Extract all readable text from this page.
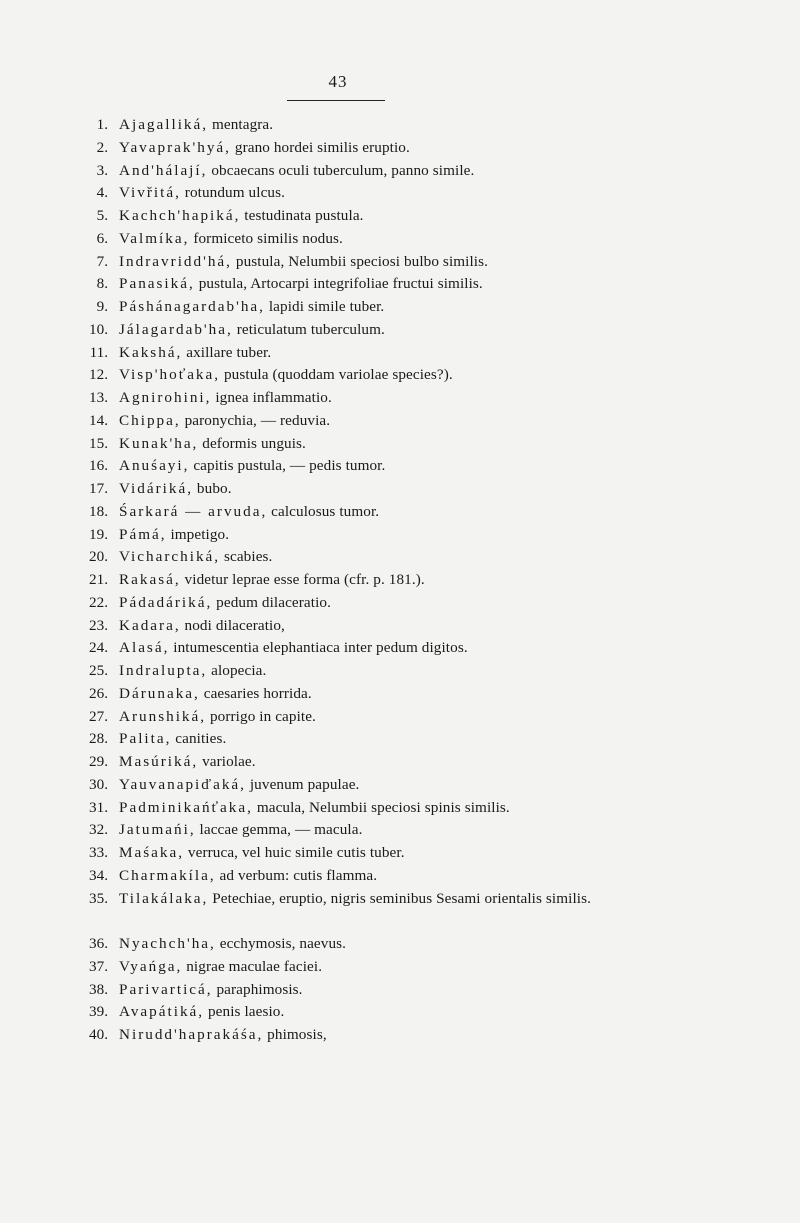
43

1. Ajagalliká, mentagra.
2. Yavaprak'hyá, grano hordei similis eruptio.
3. And'hálají, obcaecans oculi tuberculum, panno simile.
4. Vivřitá, rotundum ulcus.
5. Kachch'hapiká, testudinata pustula.
6. Valmíka, formiceto similis nodus.
7. Indravridd'há, pustula, Nelumbii speciosi bulbo similis.
8. Panasiká, pustula, Artocarpi integrifoliae fructui similis.
9. Páshánagardab'ha, lapidi simile tuber.
10. Jálagardab'ha, reticulatum tuberculum.
11. Kakshá, axillare tuber.
12. Visp'hoťaka, pustula (quoddam variolae species?).
13. Agnirohini, ignea inflammatio.
14. Chippa, paronychia, — reduvia.
15. Kunak'ha, deformis unguis.
16. Anuśayi, capitis pustula, — pedis tumor.
17. Vidáriká, bubo.
18. Śarkará — arvuda, calculosus tumor.
19. Pámá, impetigo.
20. Vicharchiká, scabies.
21. Rakasá, videtur leprae esse forma (cfr. p. 181.).
22. Pádadáriká, pedum dilaceratio.
23. Kadara, nodi dilaceratio,
24. Alasá, intumescentia elephantiaca inter pedum digitos.
25. Indralupta, alopecia.
26. Dárunaka, caesaries horrida.
27. Arunshiká, porrigo in capite.
28. Palita, canities.
29. Masúriká, variolae.
30. Yauvanapiďaká, juvenum papulae.
31. Padminikańťaka, macula, Nelumbii speciosi spinis similis.
32. Jatumańi, laccae gemma, — macula.
33. Maśaka, verruca, vel huic simile cutis tuber.
34. Charmakíla, ad verbum: cutis flamma.
35. Tilakálaka, Petechiae, eruptio, nigris seminibus Sesami orientalis similis.
36. Nyachch'ha, ecchymosis, naevus.
37. Vyańga, nigrae maculae faciei.
38. Parivarticá, paraphimosis.
39. Avapátiká, penis laesio.
40. Nirudd'haprakáśa, phimosis,
